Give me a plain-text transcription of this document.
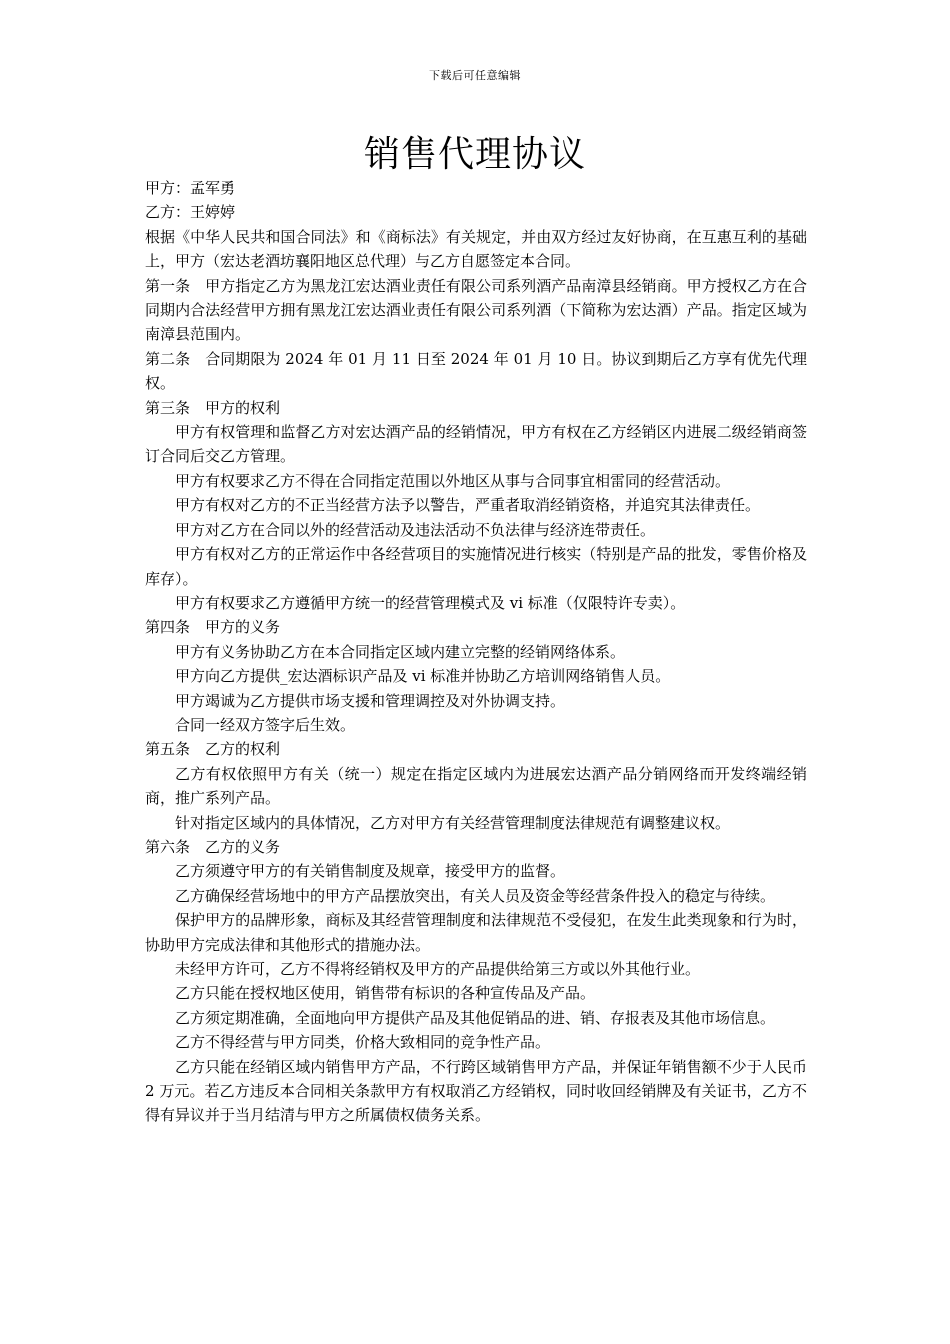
下载后可任意编辑
销售代理协议

甲方：孟军勇

乙方：王婷婷

根据《中华人民共和国合同法》和《商标法》有关规定，并由双方经过友好协商，在互惠互利的基础上，甲方（宏达老酒坊襄阳地区总代理）与乙方自愿签定本合同。

第一条　甲方指定乙方为黑龙江宏达酒业责任有限公司系列酒产品南漳县经销商。甲方授权乙方在合同期内合法经营甲方拥有黑龙江宏达酒业责任有限公司系列酒（下简称为宏达酒）产品。指定区域为南漳县范围内。

第二条　合同期限为 2024 年 01 月 11 日至 2024 年 01 月 10 日。协议到期后乙方享有优先代理权。

第三条　甲方的权利

甲方有权管理和监督乙方对宏达酒产品的经销情况，甲方有权在乙方经销区内进展二级经销商签订合同后交乙方管理。

甲方有权要求乙方不得在合同指定范围以外地区从事与合同事宜相雷同的经营活动。

甲方有权对乙方的不正当经营方法予以警告，严重者取消经销资格，并追究其法律责任。

甲方对乙方在合同以外的经营活动及违法活动不负法律与经济连带责任。

甲方有权对乙方的正常运作中各经营项目的实施情况进行核实（特别是产品的批发，零售价格及库存）。

甲方有权要求乙方遵循甲方统一的经营管理模式及 vi 标准（仅限特许专卖）。

第四条　甲方的义务

甲方有义务协助乙方在本合同指定区域内建立完整的经销网络体系。

甲方向乙方提供_宏达酒标识产品及 vi 标准并协助乙方培训网络销售人员。

甲方竭诚为乙方提供市场支援和管理调控及对外协调支持。

合同一经双方签字后生效。

第五条　乙方的权利

乙方有权依照甲方有关（统一）规定在指定区域内为进展宏达酒产品分销网络而开发终端经销商，推广系列产品。

针对指定区域内的具体情况，乙方对甲方有关经营管理制度法律规范有调整建议权。

第六条　乙方的义务

乙方须遵守甲方的有关销售制度及规章，接受甲方的监督。

乙方确保经营场地中的甲方产品摆放突出，有关人员及资金等经营条件投入的稳定与待续。

保护甲方的品牌形象，商标及其经营管理制度和法律规范不受侵犯，在发生此类现象和行为时，协助甲方完成法律和其他形式的措施办法。

未经甲方许可，乙方不得将经销权及甲方的产品提供给第三方或以外其他行业。

乙方只能在授权地区使用，销售带有标识的各种宣传品及产品。

乙方须定期准确，全面地向甲方提供产品及其他促销品的进、销、存报表及其他市场信息。

乙方不得经营与甲方同类，价格大致相同的竞争性产品。

乙方只能在经销区域内销售甲方产品，不行跨区域销售甲方产品，并保证年销售额不少于人民币 2 万元。若乙方违反本合同相关条款甲方有权取消乙方经销权，同时收回经销牌及有关证书，乙方不得有异议并于当月结清与甲方之所属债权债务关系。
